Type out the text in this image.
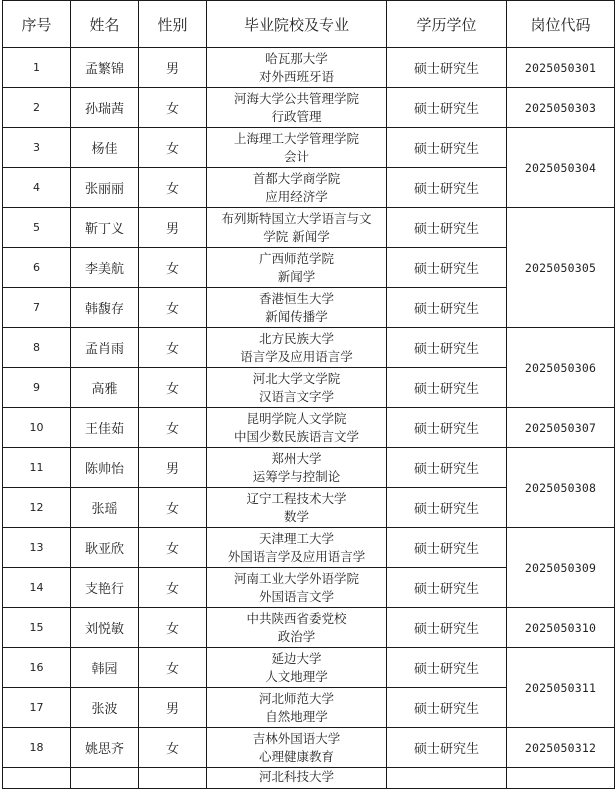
序号	姓名	性别	毕业院校及专业	学历学位	岗位代码
1	孟繁锦	男	哈瓦那大学
对外西班牙语	硕士研究生	2025050301
2	孙瑞茜	女	河海大学公共管理学院
行政管理	硕士研究生	2025050303
3	杨佳	女	上海理工大学管理学院
会计	硕士研究生	2025050304
4	张丽丽	女	首都大学商学院
应用经济学	硕士研究生	
5	靳丁义	男	布列斯特国立大学语言与文
学院 新闻学	硕士研究生	2025050305
6	李美航	女	广西师范学院
新闻学	硕士研究生	
7	韩馥存	女	香港恒生大学
新闻传播学	硕士研究生	
8	孟肖雨	女	北方民族大学
语言学及应用语言学	硕士研究生	2025050306
9	高雅	女	河北大学文学院
汉语言文字学	硕士研究生	
10	王佳茹	女	昆明学院人文学院
中国少数民族语言文学	硕士研究生	2025050307
11	陈帅怡	男	郑州大学
运筹学与控制论	硕士研究生	2025050308
12	张瑶	女	辽宁工程技术大学
数学	硕士研究生	
13	耿亚欣	女	天津理工大学
外国语言学及应用语言学	硕士研究生	2025050309
14	支艳行	女	河南工业大学外语学院
外国语言文学	硕士研究生	
15	刘悦敏	女	中共陕西省委党校
政治学	硕士研究生	2025050310
16	韩园	女	延边大学
人文地理学	硕士研究生	2025050311
17	张波	男	河北师范大学
自然地理学	硕士研究生	
18	姚思齐	女	吉林外国语大学
心理健康教育	硕士研究生	2025050312

			河北科技大学		
